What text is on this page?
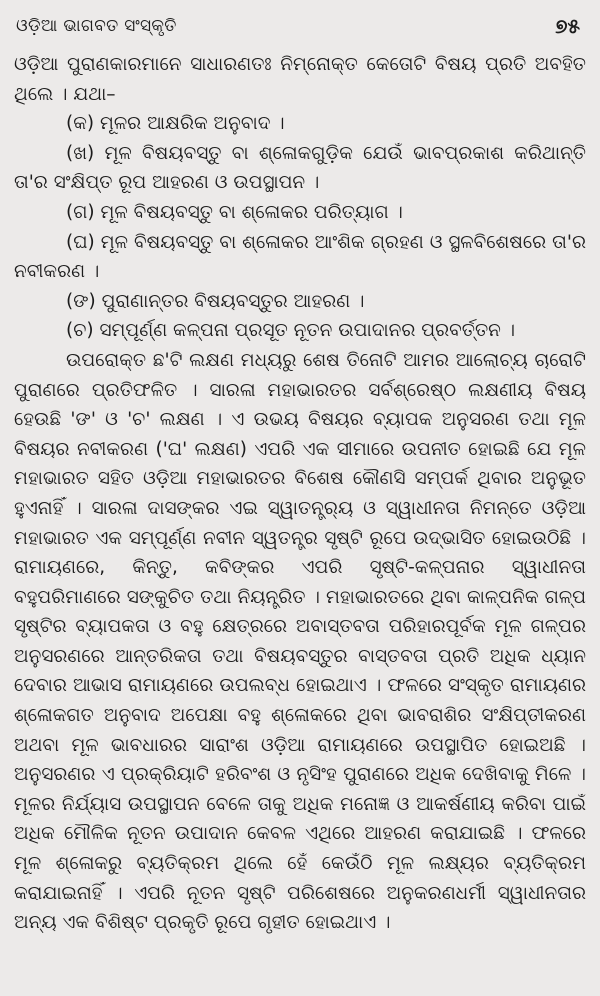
ଓଡ଼ିଆ ଭାଗବତ ସଂସ୍କୃତି	୭୫

ଓଡ଼ିଆ ପୁରାଣକାରମାନେ ସାଧାରଣତଃ ନିମ୍ନୋକ୍ତ କେତୋଟି ବିଷୟ ପ୍ରତି ଅବହିତ ଥିଲେ । ଯଥା–

(କ) ମୂଳର ଆକ୍ଷରିକ ଅନୁବାଦ ।
(ଖ) ମୂଳ ବିଷୟବସ୍ତୁ ବା ଶ୍ଳୋକଗୁଡ଼ିକ ଯେଉଁ ଭାବପ୍ରକାଶ କରିଥାନ୍ତି ତା'ର ସଂକ୍ଷିପ୍ତ ରୂପ ଆହରଣ ଓ ଉପସ୍ଥାପନ ।
(ଗ) ମୂଳ ବିଷୟବସ୍ତୁ ବା ଶ୍ଳୋକର ପରିତ୍ୟାଗ ।
(ଘ) ମୂଳ ବିଷୟବସ୍ତୁ ବା ଶ୍ଳୋକର ଆଂଶିକ ଗ୍ରହଣ ଓ ସ୍ଥଳବିଶେଷରେ ତା'ର ନବୀକରଣ ।
(ଙ) ପୁରାଣାନ୍ତର ବିଷୟବସ୍ତୁର ଆହରଣ ।
(ଚ) ସମ୍ପୂର୍ଣ୍ଣ କଳ୍ପନା ପ୍ରସୂତ ନୂତନ ଉପାଦାନର ପ୍ରବର୍ତ୍ତନ ।

ଉପରୋକ୍ତ ଛ'ଟି ଲକ୍ଷଣ ମଧ୍ୟରୁ ଶେଷ ତିନୋଟି ଆମର ଆଲୋଚ୍ୟ ଚାରୋଟି ପୁରାଣରେ ପ୍ରତିଫଳିତ । ସାରଳା ମହାଭାରତର ସର୍ବଶ୍ରେଷ୍ଠ ଲକ୍ଷଣୀୟ ବିଷୟ ହେଉଛି 'ଙ' ଓ 'ଚ' ଲକ୍ଷଣ । ଏ ଉଭୟ ବିଷୟର ବ୍ୟାପକ ଅନୁସରଣ ତଥା ମୂଳ ବିଷୟର ନବୀକରଣ ('ଘ' ଲକ୍ଷଣ) ଏପରି ଏକ ସୀମାରେ ଉପନୀତ ହୋଇଛି ଯେ ମୂଳ ମହାଭାରତ ସହିତ ଓଡ଼ିଆ ମହାଭାରତର ବିଶେଷ କୌଣସି ସମ୍ପର୍କ ଥିବାର ଅନୁଭୂତ ହୁଏନାହିଁ । ସାରଳା ଦାସଙ୍କର ଏଇ ସ୍ୱାତନ୍ତ୍ର୍ୟ ଓ ସ୍ୱାଧୀନତା ନିମନ୍ତେ ଓଡ଼ିଆ ମହାଭାରତ ଏକ ସମ୍ପୂର୍ଣ୍ଣ ନବୀନ ସ୍ୱତନ୍ତ୍ର ସୃଷ୍ଟି ରୂପେ ଉଦ୍‌ଭାସିତ ହୋଇଉଠିଛି । ରାମାୟଣରେ, କିନ୍ତୁ, କବିଙ୍କର ଏପରି ସୃଷ୍ଟି-କଳ୍ପନାର ସ୍ୱାଧୀନତା ବହୁପରିମାଣରେ ସଙ୍କୁଚିତ ତଥା ନିୟନ୍ତ୍ରିତ । ମହାଭାରତରେ ଥିବା କାଳ୍ପନିକ ଗଳ୍ପ ସୃଷ୍ଟିର ବ୍ୟାପକତା ଓ ବହୁ କ୍ଷେତ୍ରରେ ଅବାସ୍ତବତା ପରିହାରପୂର୍ବକ ମୂଳ ଗଳ୍ପର ଅନୁସରଣରେ ଆନ୍ତରିକତା ତଥା ବିଷୟବସ୍ତୁର ବାସ୍ତବତା ପ୍ରତି ଅଧିକ ଧ୍ୟାନ ଦେବାର ଆଭାସ ରାମାୟଣରେ ଉପଲବ୍ଧ ହୋଇଥାଏ । ଫଳରେ ସଂସ୍କୃତ ରାମାୟଣର ଶ୍ଳୋକଗତ ଅନୁବାଦ ଅପେକ୍ଷା ବହୁ ଶ୍ଳୋକରେ ଥିବା ଭାବରାଶିର ସଂକ୍ଷିପ୍ତୀକରଣ ଅଥବା ମୂଳ ଭାବଧାରର ସାରାଂଶ ଓଡ଼ିଆ ରାମାୟଣରେ ଉପସ୍ଥାପିତ ହୋଇଅଛି । ଅନୁସରଣର ଏ ପ୍ରକ୍ରିୟାଟି ହରିବଂଶ ଓ ନୃସିଂହ ପୁରାଣରେ ଅଧିକ ଦେଖିବାକୁ ମିଳେ । ମୂଳର ନିର୍ଯ୍ୟାସ ଉପସ୍ଥାପନ ବେଳେ ତାକୁ ଅଧିକ ମନୋଜ୍ଞ ଓ ଆକର୍ଷଣୀୟ କରିବା ପାଇଁ ଅଧିକ ମୌଳିକ ନୂତନ ଉପାଦାନ କେବଳ ଏଥିରେ ଆହରଣ କରାଯାଇଛି । ଫଳରେ ମୂଳ ଶ୍ଳୋକରୁ ବ୍ୟତିକ୍ରମ ଥିଲେ ହେଁ କେଉଁଠି ମୂଳ ଲକ୍ଷ୍ୟର ବ୍ୟତିକ୍ରମ କରାଯାଇନାହିଁ । ଏପରି ନୂତନ ସୃଷ୍ଟି ପରିଶେଷରେ ଅନୁକରଣଧର୍ମୀ ସ୍ୱାଧୀନତାର ଅନ୍ୟ ଏକ ବିଶିଷ୍ଟ ପ୍ରକୃତି ରୂପେ ଗୃହୀତ ହୋଇଥାଏ ।
